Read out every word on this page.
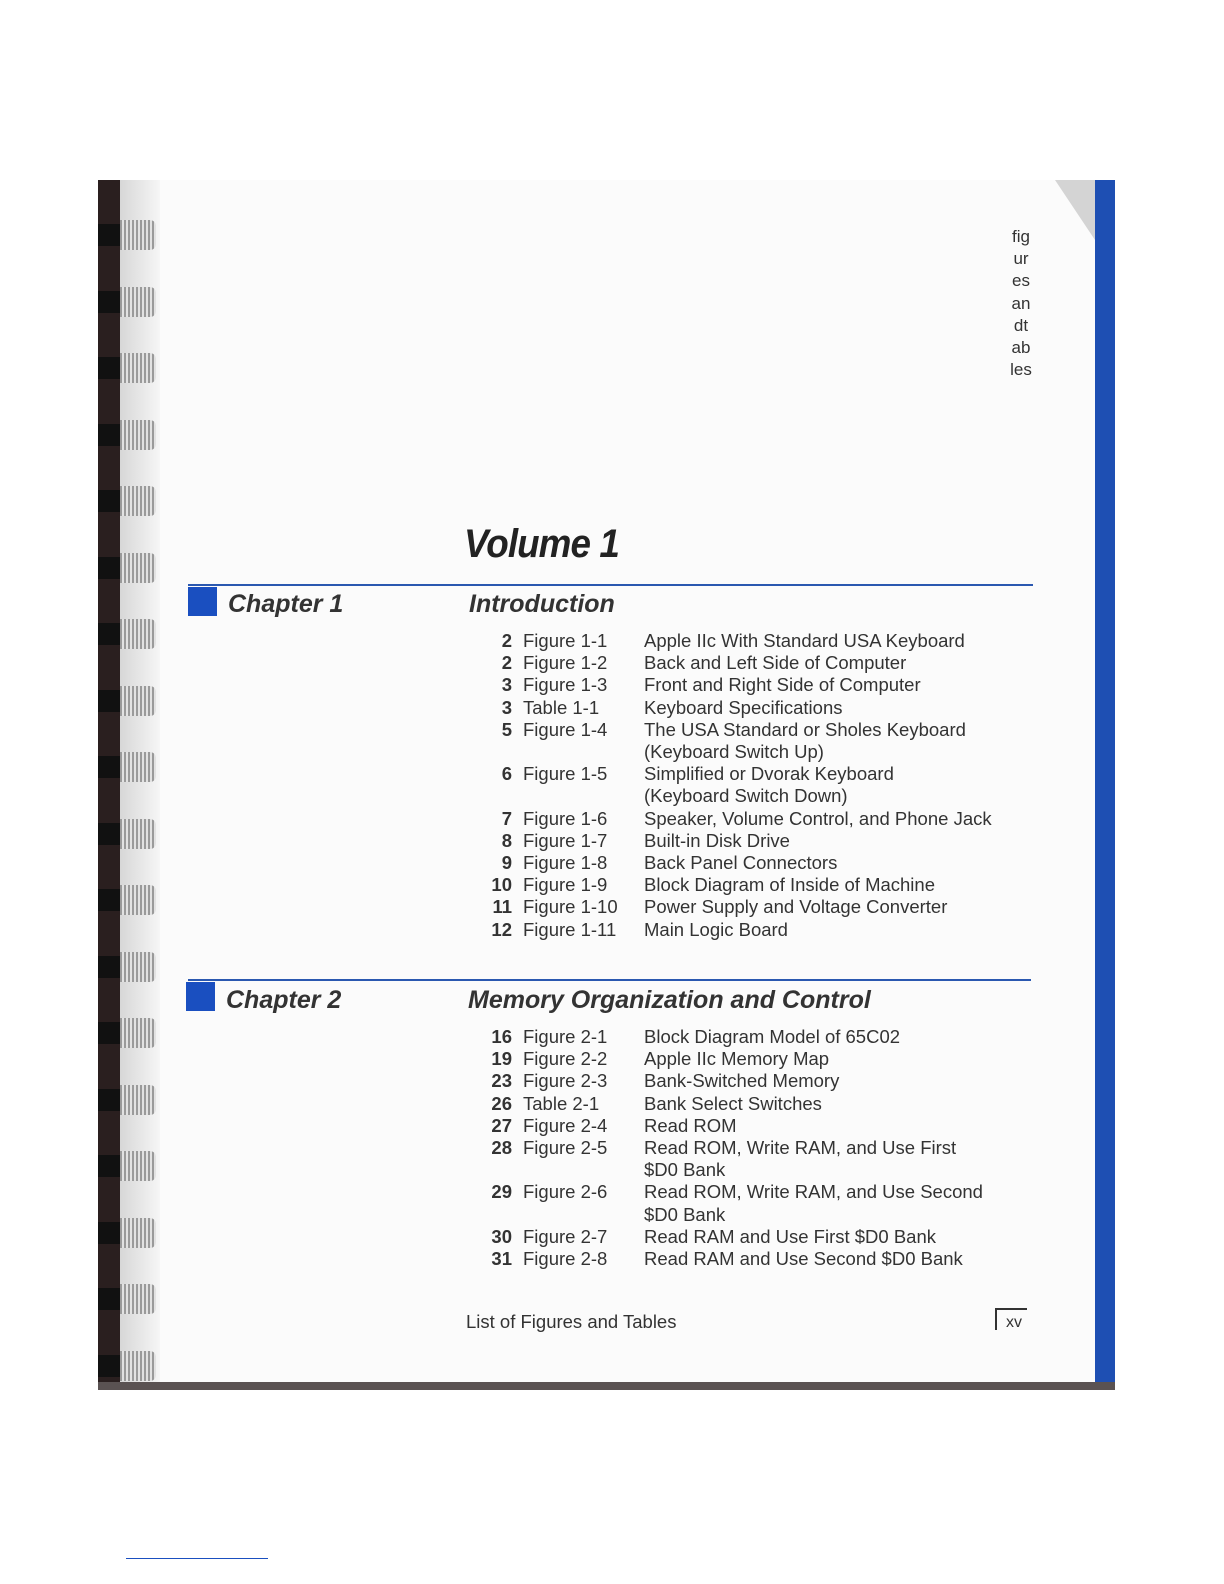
figuresandtables
Volume 1
Chapter 1	Introduction
2 Figure 1-1	Apple IIc With Standard USA Keyboard
2 Figure 1-2	Back and Left Side of Computer
3 Figure 1-3	Front and Right Side of Computer
3 Table 1-1	Keyboard Specifications
5 Figure 1-4	The USA Standard or Sholes Keyboard
(Keyboard Switch Up)
6 Figure 1-5	Simplified or Dvorak Keyboard
(Keyboard Switch Down)
7 Figure 1-6	Speaker, Volume Control, and Phone Jack
8 Figure 1-7	Built-in Disk Drive
9 Figure 1-8	Back Panel Connectors
10 Figure 1-9	Block Diagram of Inside of Machine
11 Figure 1-10	Power Supply and Voltage Converter
12 Figure 1-11	Main Logic Board
Chapter 2	Memory Organization and Control
16 Figure 2-1	Block Diagram Model of 65C02
19 Figure 2-2	Apple IIc Memory Map
23 Figure 2-3	Bank-Switched Memory
26 Table 2-1	Bank Select Switches
27 Figure 2-4	Read ROM
28 Figure 2-5	Read ROM, Write RAM, and Use First
$D0 Bank
29 Figure 2-6	Read ROM, Write RAM, and Use Second
$D0 Bank
30 Figure 2-7	Read RAM and Use First $D0 Bank
31 Figure 2-8	Read RAM and Use Second $D0 Bank
List of Figures and Tables	xv
